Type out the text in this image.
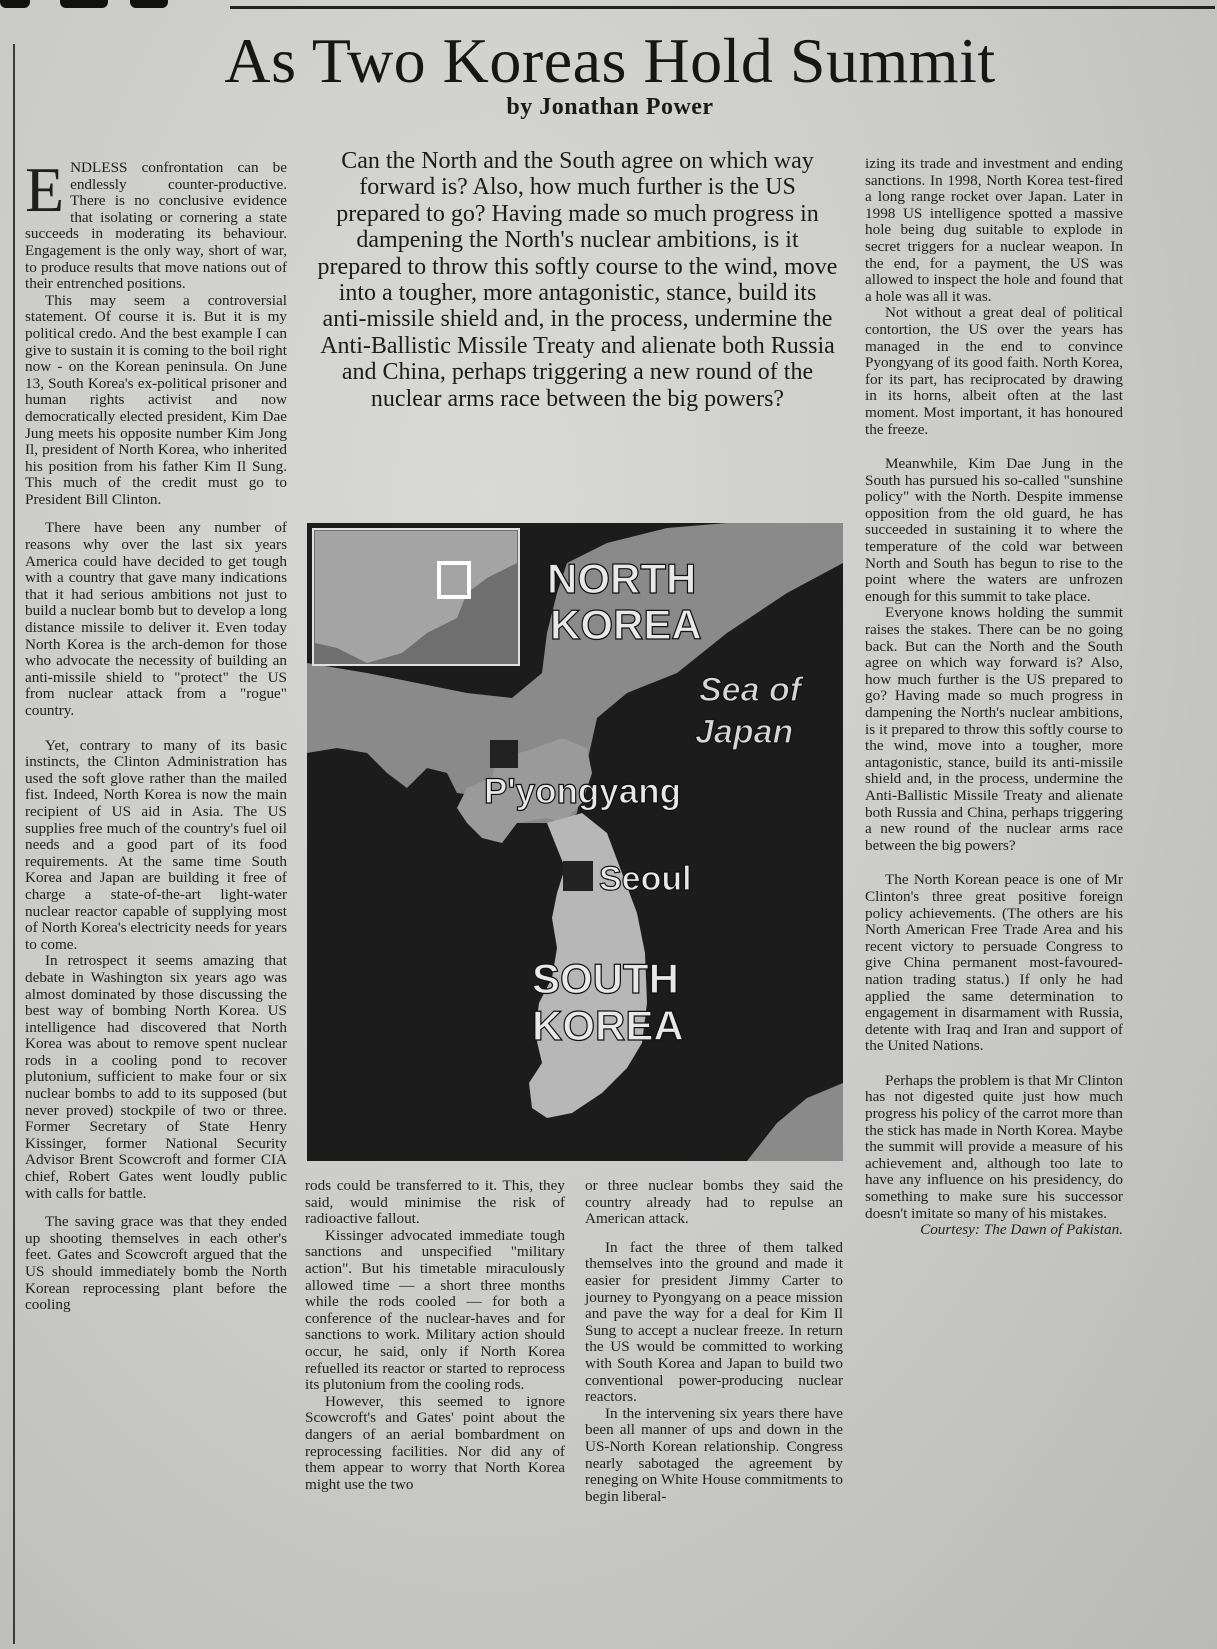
As Two Koreas Hold Summit
by Jonathan Power

ENDLESS confrontation can be endlessly counter-productive. There is no conclusive evidence that isolating or cornering a state succeeds in moderating its behaviour. Engagement is the only way, short of war, to produce results that move nations out of their entrenched positions.

This may seem a controversial statement. Of course it is. But it is my political credo. And the best example I can give to sustain it is coming to the boil right now - on the Korean peninsula. On June 13, South Korea's ex-political prisoner and human rights activist and now democratically elected president, Kim Dae Jung meets his opposite number Kim Jong Il, president of North Korea, who inherited his position from his father Kim Il Sung. This much of the credit must go to President Bill Clinton.

There have been any number of reasons why over the last six years America could have decided to get tough with a country that gave many indications that it had serious ambitions not just to build a nuclear bomb but to develop a long distance missile to deliver it. Even today North Korea is the arch-demon for those who advocate the necessity of building an anti-missile shield to "protect" the US from nuclear attack from a "rogue" country.

Yet, contrary to many of its basic instincts, the Clinton Administration has used the soft glove rather than the mailed fist. Indeed, North Korea is now the main recipient of US aid in Asia. The US supplies free much of the country's fuel oil needs and a good part of its food requirements. At the same time South Korea and Japan are building it free of charge a state-of-the-art light-water nuclear reactor capable of supplying most of North Korea's electricity needs for years to come.

In retrospect it seems amazing that debate in Washington six years ago was almost dominated by those discussing the best way of bombing North Korea. US intelligence had discovered that North Korea was about to remove spent nuclear rods in a cooling pond to recover plutonium, sufficient to make four or six nuclear bombs to add to its supposed (but never proved) stockpile of two or three. Former Secretary of State Henry Kissinger, former National Security Advisor Brent Scowcroft and former CIA chief, Robert Gates went loudly public with calls for battle.

The saving grace was that they ended up shooting themselves in each other's feet. Gates and Scowcroft argued that the US should immediately bomb the North Korean reprocessing plant before the cooling

Can the North and the South agree on which way forward is? Also, how much further is the US prepared to go? Having made so much progress in dampening the North's nuclear ambitions, is it prepared to throw this softly course to the wind, move into a tougher, more antagonistic, stance, build its anti-missile shield and, in the process, undermine the Anti-Ballistic Missile Treaty and alienate both Russia and China, perhaps triggering a new round of the nuclear arms race between the big powers?
NORTH
KOREA
Sea of
Japan
P'yongyang
Seoul
SOUTH
KOREA

rods could be transferred to it. This, they said, would minimise the risk of radioactive fallout.

Kissinger advocated immediate tough sanctions and unspecified "military action". But his timetable miraculously allowed time — a short three months while the rods cooled — for both a conference of the nuclear-haves and for sanctions to work. Military action should occur, he said, only if North Korea refuelled its reactor or started to reprocess its plutonium from the cooling rods.

However, this seemed to ignore Scowcroft's and Gates' point about the dangers of an aerial bombardment on reprocessing facilities. Nor did any of them appear to worry that North Korea might use the two

or three nuclear bombs they said the country already had to repulse an American attack.

In fact the three of them talked themselves into the ground and made it easier for president Jimmy Carter to journey to Pyongyang on a peace mission and pave the way for a deal for Kim Il Sung to accept a nuclear freeze. In return the US would be committed to working with South Korea and Japan to build two conventional power-producing nuclear reactors.

In the intervening six years there have been all manner of ups and down in the US-North Korean relationship. Congress nearly sabotaged the agreement by reneging on White House commitments to begin liberal-

izing its trade and investment and ending sanctions. In 1998, North Korea test-fired a long range rocket over Japan. Later in 1998 US intelligence spotted a massive hole being dug suitable to explode in secret triggers for a nuclear weapon. In the end, for a payment, the US was allowed to inspect the hole and found that a hole was all it was.

Not without a great deal of political contortion, the US over the years has managed in the end to convince Pyongyang of its good faith. North Korea, for its part, has reciprocated by drawing in its horns, albeit often at the last moment. Most important, it has honoured the freeze.

Meanwhile, Kim Dae Jung in the South has pursued his so-called "sunshine policy" with the North. Despite immense opposition from the old guard, he has succeeded in sustaining it to where the temperature of the cold war between North and South has begun to rise to the point where the waters are unfrozen enough for this summit to take place.

Everyone knows holding the summit raises the stakes. There can be no going back. But can the North and the South agree on which way forward is? Also, how much further is the US prepared to go? Having made so much progress in dampening the North's nuclear ambitions, is it prepared to throw this softly course to the wind, move into a tougher, more antagonistic, stance, build its anti-missile shield and, in the process, undermine the Anti-Ballistic Missile Treaty and alienate both Russia and China, perhaps triggering a new round of the nuclear arms race between the big powers?

The North Korean peace is one of Mr Clinton's three great positive foreign policy achievements. (The others are his North American Free Trade Area and his recent victory to persuade Congress to give China permanent most-favoured-nation trading status.) If only he had applied the same determination to engagement in disarmament with Russia, detente with Iraq and Iran and support of the United Nations.

Perhaps the problem is that Mr Clinton has not digested quite just how much progress his policy of the carrot more than the stick has made in North Korea. Maybe the summit will provide a measure of his achievement and, although too late to have any influence on his presidency, do something to make sure his successor doesn't imitate so many of his mistakes.

Courtesy: The Dawn of Pakistan.
